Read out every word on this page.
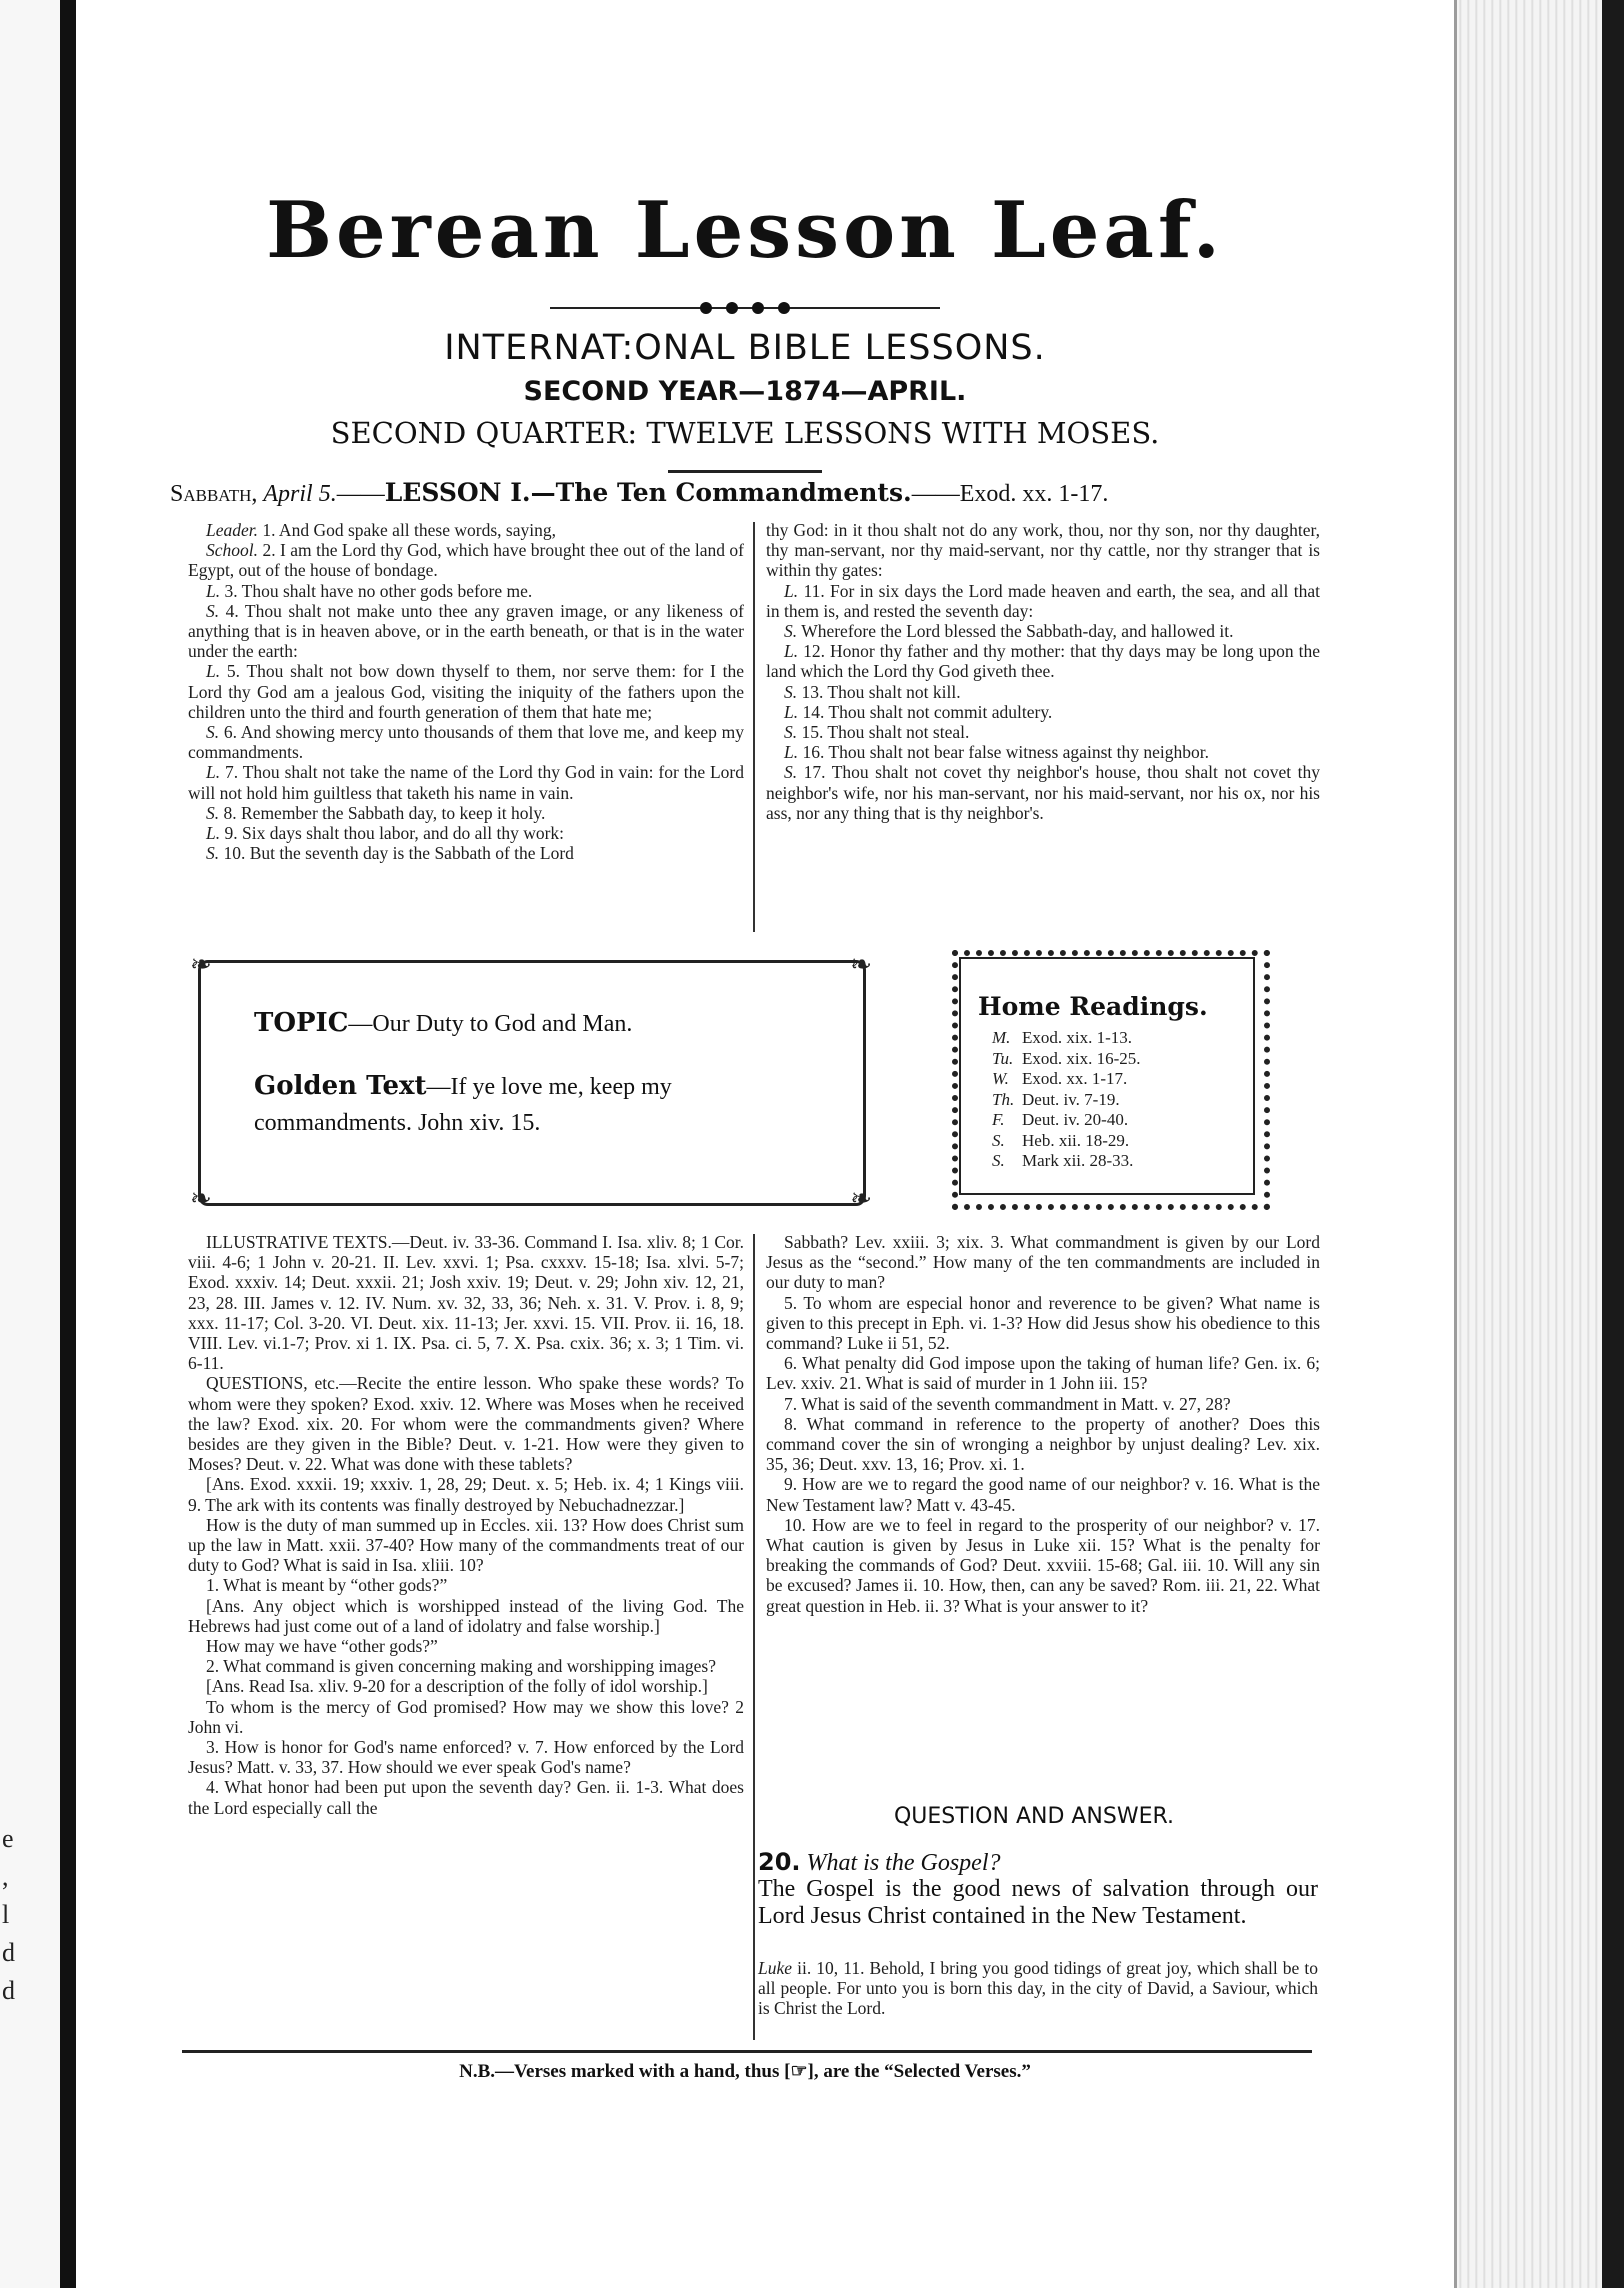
e , l d d
Berean Lesson Leaf.
INTERNAT:ONAL BIBLE LESSONS.
SECOND YEAR—1874—APRIL.
SECOND QUARTER: TWELVE LESSONS WITH MOSES.
Sabbath, April 5.——LESSON I.—The Ten Commandments.——Exod. xx. 1-17.

Leader. 1. And God spake all these words, saying,

School. 2. I am the Lord thy God, which have brought thee out of the land of Egypt, out of the house of bondage.

L. 3. Thou shalt have no other gods before me.

S. 4. Thou shalt not make unto thee any graven image, or any likeness of anything that is in heaven above, or in the earth beneath, or that is in the water under the earth:

L. 5. Thou shalt not bow down thyself to them, nor serve them: for I the Lord thy God am a jealous God, visiting the iniquity of the fathers upon the children unto the third and fourth generation of them that hate me;

S. 6. And showing mercy unto thousands of them that love me, and keep my commandments.

L. 7. Thou shalt not take the name of the Lord thy God in vain: for the Lord will not hold him guiltless that taketh his name in vain.

S. 8. Remember the Sabbath day, to keep it holy.

L. 9. Six days shalt thou labor, and do all thy work:

S. 10. But the seventh day is the Sabbath of the Lord

thy God: in it thou shalt not do any work, thou, nor thy son, nor thy daughter, thy man-servant, nor thy maid-servant, nor thy cattle, nor thy stranger that is within thy gates:

L. 11. For in six days the Lord made heaven and earth, the sea, and all that in them is, and rested the seventh day:

S. Wherefore the Lord blessed the Sabbath-day, and hallowed it.

L. 12. Honor thy father and thy mother: that thy days may be long upon the land which the Lord thy God giveth thee.

S. 13. Thou shalt not kill.

L. 14. Thou shalt not commit adultery.

S. 15. Thou shalt not steal.

L. 16. Thou shalt not bear false witness against thy neighbor.

S. 17. Thou shalt not covet thy neighbor's house, thou shalt not covet thy neighbor's wife, nor his man-servant, nor his maid-servant, nor his ox, nor his ass, nor any thing that is thy neighbor's.

❧	❧
❧	❧
TOPIC—Our Duty to God and Man.
Golden Text—If ye love me, keep my commandments. John xiv. 15.
Home Readings.
M. Exod. xix. 1-13.
Tu. Exod. xix. 16-25.
W. Exod. xx. 1-17.
Th. Deut. iv. 7-19.
F. Deut. iv. 20-40.
S. Heb. xii. 18-29.
S. Mark xii. 28-33.

ILLUSTRATIVE TEXTS.—Deut. iv. 33-36. Command I. Isa. xliv. 8; 1 Cor. viii. 4-6; 1 John v. 20-21. II. Lev. xxvi. 1; Psa. cxxxv. 15-18; Isa. xlvi. 5-7; Exod. xxxiv. 14; Deut. xxxii. 21; Josh xxiv. 19; Deut. v. 29; John xiv. 12, 21, 23, 28. III. James v. 12. IV. Num. xv. 32, 33, 36; Neh. x. 31. V. Prov. i. 8, 9; xxx. 11-17; Col. 3-20. VI. Deut. xix. 11-13; Jer. xxvi. 15. VII. Prov. ii. 16, 18. VIII. Lev. vi.1-7; Prov. xi 1. IX. Psa. ci. 5, 7. X. Psa. cxix. 36; x. 3; 1 Tim. vi. 6-11.

QUESTIONS, etc.—Recite the entire lesson. Who spake these words? To whom were they spoken? Exod. xxiv. 12. Where was Moses when he received the law? Exod. xix. 20. For whom were the commandments given? Where besides are they given in the Bible? Deut. v. 1-21. How were they given to Moses? Deut. v. 22. What was done with these tablets?

[Ans. Exod. xxxii. 19; xxxiv. 1, 28, 29; Deut. x. 5; Heb. ix. 4; 1 Kings viii. 9. The ark with its contents was finally destroyed by Nebuchadnezzar.]

How is the duty of man summed up in Eccles. xii. 13? How does Christ sum up the law in Matt. xxii. 37-40? How many of the commandments treat of our duty to God? What is said in Isa. xliii. 10?

1. What is meant by “other gods?”

[Ans. Any object which is worshipped instead of the living God. The Hebrews had just come out of a land of idolatry and false worship.]

How may we have “other gods?”

2. What command is given concerning making and worshipping images?

[Ans. Read Isa. xliv. 9-20 for a description of the folly of idol worship.]

To whom is the mercy of God promised? How may we show this love? 2 John vi.

3. How is honor for God's name enforced? v. 7. How enforced by the Lord Jesus? Matt. v. 33, 37. How should we ever speak God's name?

4. What honor had been put upon the seventh day? Gen. ii. 1-3. What does the Lord especially call the

Sabbath? Lev. xxiii. 3; xix. 3. What commandment is given by our Lord Jesus as the “second.” How many of the ten commandments are included in our duty to man?

5. To whom are especial honor and reverence to be given? What name is given to this precept in Eph. vi. 1-3? How did Jesus show his obedience to this command? Luke ii 51, 52.

6. What penalty did God impose upon the taking of human life? Gen. ix. 6; Lev. xxiv. 21. What is said of murder in 1 John iii. 15?

7. What is said of the seventh commandment in Matt. v. 27, 28?

8. What command in reference to the property of another? Does this command cover the sin of wronging a neighbor by unjust dealing? Lev. xix. 35, 36; Deut. xxv. 13, 16; Prov. xi. 1.

9. How are we to regard the good name of our neighbor? v. 16. What is the New Testament law? Matt v. 43-45.

10. How are we to feel in regard to the prosperity of our neighbor? v. 17. What caution is given by Jesus in Luke xii. 15? What is the penalty for breaking the commands of God? Deut. xxviii. 15-68; Gal. iii. 10. Will any sin be excused? James ii. 10. How, then, can any be saved? Rom. iii. 21, 22. What great question in Heb. ii. 3? What is your answer to it?

QUESTION AND ANSWER.
20. What is the Gospel?
The Gospel is the good news of salvation through our Lord Jesus Christ contained in the New Testament.
Luke ii. 10, 11. Behold, I bring you good tidings of great joy, which shall be to all people. For unto you is born this day, in the city of David, a Saviour, which is Christ the Lord.
N.B.—Verses marked with a hand, thus [☞], are the “Selected Verses.”
